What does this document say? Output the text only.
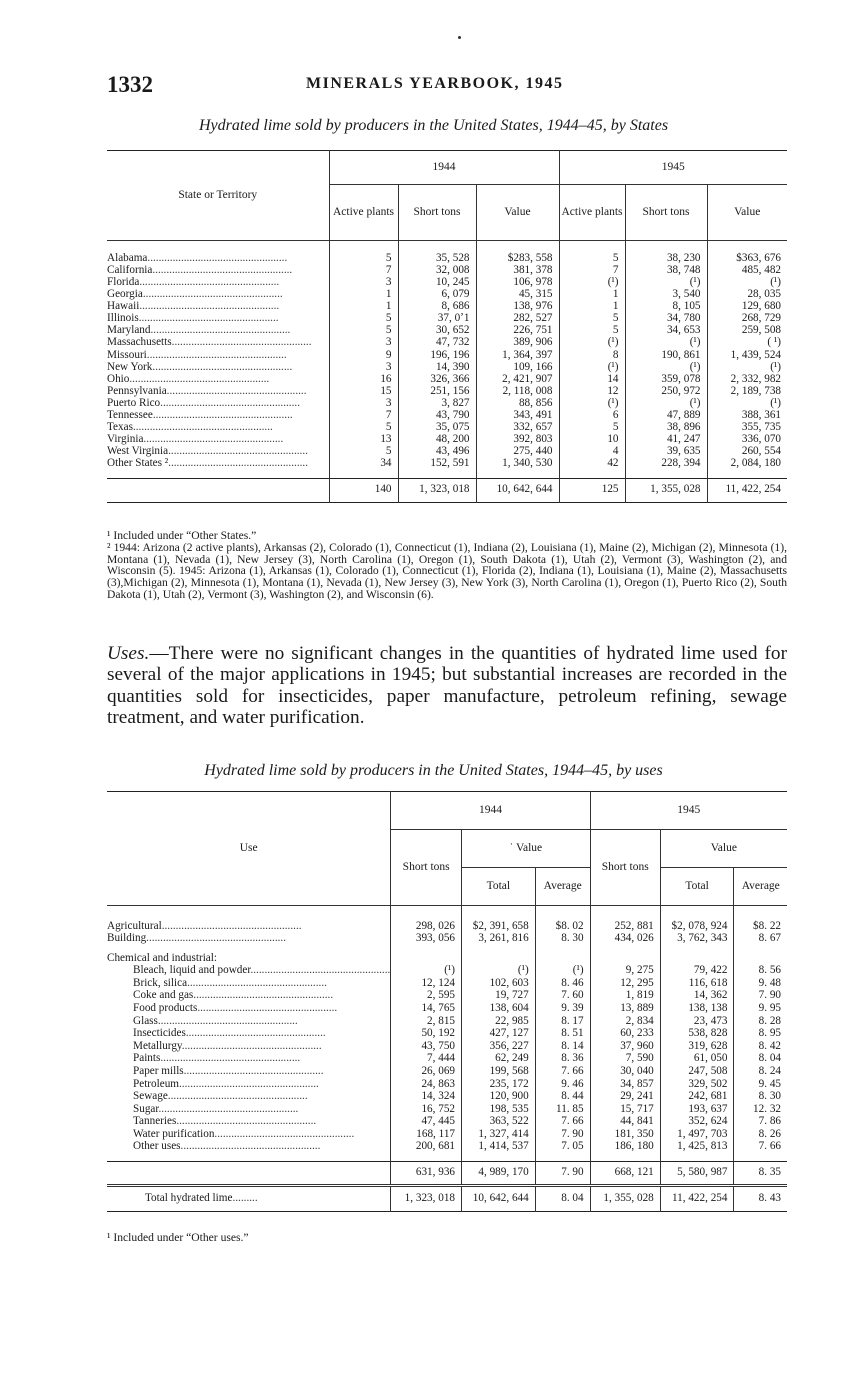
1332	MINERALS YEARBOOK, 1945
Hydrated lime sold by producers in the United States, 1944–45, by States
State or Territory	1944			1945		
	Active plants	Short tons	Value	Active plants	Short tons	Value
Alabama..................................................	5	35, 528	$283, 558	5	38, 230	$363, 676
California..................................................	7	32, 008	381, 378	7	38, 748	485, 482
Florida..................................................	3	10, 245	106, 978	(¹)	(¹)	(¹)
Georgia..................................................	1	6, 079	45, 315	1	3, 540	28, 035
Hawaii..................................................	1	8, 686	138, 976	1	8, 105	129, 680
Illinois..................................................	5	37, 0ʼ1	282, 527	5	34, 780	268, 729
Maryland..................................................	5	30, 652	226, 751	5	34, 653	259, 508
Massachusetts..................................................	3	47, 732	389, 906	(¹)	(¹)	( ¹)
Missouri..................................................	9	196, 196	1, 364, 397	8	190, 861	1, 439, 524
New York..................................................	3	14, 390	109, 166	(¹)	(¹)	(¹)
Ohio..................................................	16	326, 366	2, 421, 907	14	359, 078	2, 332, 982
Pennsylvania..................................................	15	251, 156	2, 118, 008	12	250, 972	2, 189, 738
Puerto Rico..................................................	3	3, 827	88, 856	(¹)	(¹)	(¹)
Tennessee..................................................	7	43, 790	343, 491	6	47, 889	388, 361
Texas..................................................	5	35, 075	332, 657	5	38, 896	355, 735
Virginia..................................................	13	48, 200	392, 803	10	41, 247	336, 070
West Virginia..................................................	5	43, 496	275, 440	4	39, 635	260, 554
Other States ²..................................................	34	152, 591	1, 340, 530	42	228, 394	2, 084, 180
	140	1, 323, 018	10, 642, 644	125	1, 355, 028	11, 422, 254

¹ Included under “Other States.”
² 1944: Arizona (2 active plants), Arkansas (2), Colorado (1), Connecticut (1), Indiana (2), Louisiana (1), Maine (2), Michigan (2), Minnesota (1), Montana (1), Nevada (1), New Jersey (3), North Carolina (1), Oregon (1), South Dakota (1), Utah (2), Vermont (3), Washington (2), and Wisconsin (5). 1945: Arizona (1), Arkansas (1), Colorado (1), Connecticut (1), Florida (2), Indiana (1), Louisiana (1), Maine (2), Massachusetts (3),Michigan (2), Minnesota (1), Montana (1), Nevada (1), New Jersey (3), New York (3), North Carolina (1), Oregon (1), Puerto Rico (2), South Dakota (1), Utah (2), Vermont (3), Washington (2), and Wisconsin (6).
Uses.—There were no significant changes in the quantities of hydrated lime used for several of the major applications in 1945; but substantial increases are recorded in the quantities sold for insecticides, paper manufacture, petroleum refining, sewage treatment, and water purification.
Hydrated lime sold by producers in the United States, 1944–45, by uses
Use	1944			1945		
	Short tons	˙ Value		Short tons	Value	
		Total	Average		Total	Average
Agricultural..................................................	298, 026	$2, 391, 658	$8. 02	252, 881	$2, 078, 924	$8. 22
Building..................................................	393, 056	3, 261, 816	8. 30	434, 026	3, 762, 343	8. 67
Chemical and industrial:						
Bleach, liquid and powder..................................................	(¹)	(¹)	(¹)	9, 275	79, 422	8. 56
Brick, silica..................................................	12, 124	102, 603	8. 46	12, 295	116, 618	9. 48
Coke and gas..................................................	2, 595	19, 727	7. 60	1, 819	14, 362	7. 90
Food products..................................................	14, 765	138, 604	9. 39	13, 889	138, 138	9. 95
Glass..................................................	2, 815	22, 985	8. 17	2, 834	23, 473	8. 28
Insecticides..................................................	50, 192	427, 127	8. 51	60, 233	538, 828	8. 95
Metallurgy..................................................	43, 750	356, 227	8. 14	37, 960	319, 628	8. 42
Paints..................................................	7, 444	62, 249	8. 36	7, 590	61, 050	8. 04
Paper mills..................................................	26, 069	199, 568	7. 66	30, 040	247, 508	8. 24
Petroleum..................................................	24, 863	235, 172	9. 46	34, 857	329, 502	9. 45
Sewage..................................................	14, 324	120, 900	8. 44	29, 241	242, 681	8. 30
Sugar..................................................	16, 752	198, 535	11. 85	15, 717	193, 637	12. 32
Tanneries..................................................	47, 445	363, 522	7. 66	44, 841	352, 624	7. 86
Water purification..................................................	168, 117	1, 327, 414	7. 90	181, 350	1, 497, 703	8. 26
Other uses..................................................	200, 681	1, 414, 537	7. 05	186, 180	1, 425, 813	7. 66
	631, 936	4, 989, 170	7. 90	668, 121	5, 580, 987	8. 35
Total hydrated lime.........	1, 323, 018	10, 642, 644	8. 04	1, 355, 028	11, 422, 254	8. 43

¹ Included under “Other uses.”
